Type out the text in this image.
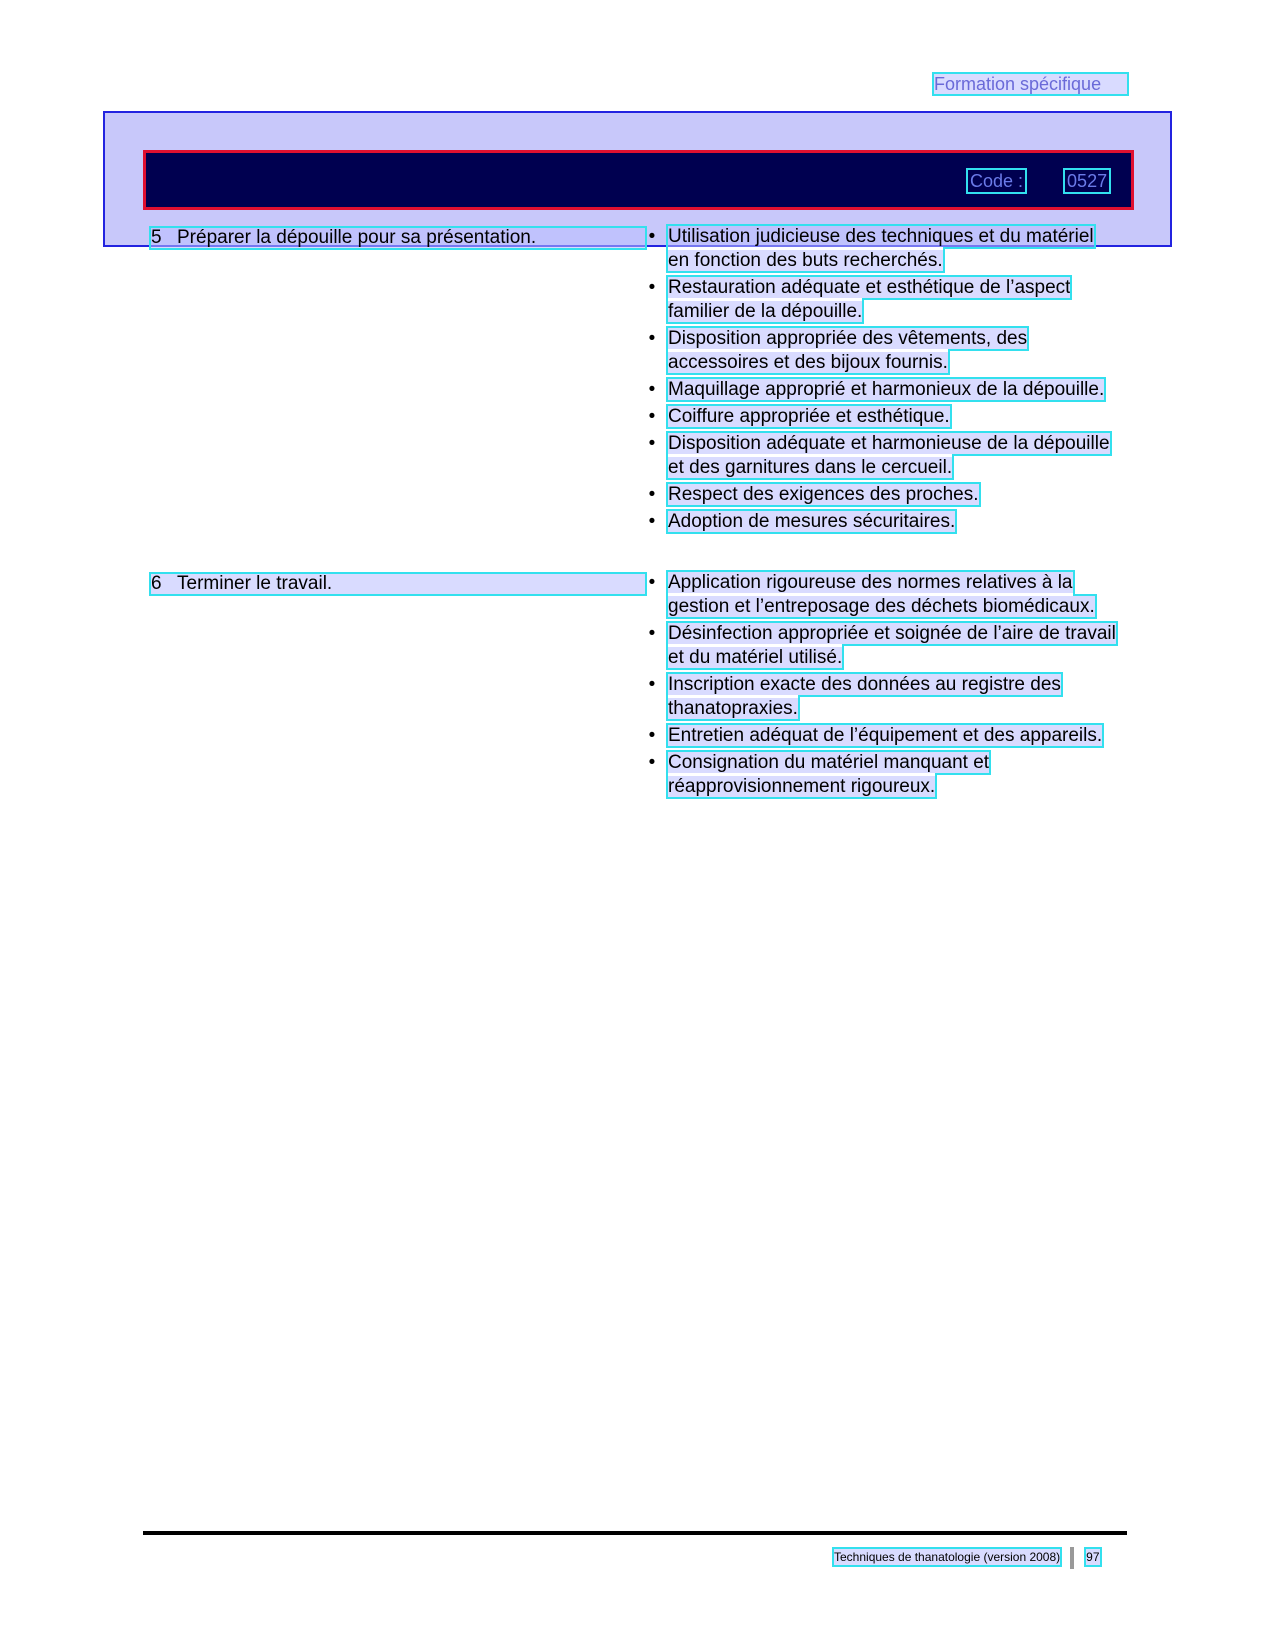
Formation spécifique
Code : 0527
5 Préparer la dépouille pour sa présentation.	• Utilisation judicieuse des techniques et du matériel en fonction des buts recherchés.
• Restauration adéquate et esthétique de l’aspect familier de la dépouille.
• Disposition appropriée des vêtements, des accessoires et des bijoux fournis.
• Maquillage approprié et harmonieux de la dépouille.
• Coiffure appropriée et esthétique.
• Disposition adéquate et harmonieuse de la dépouille et des garnitures dans le cercueil.
• Respect des exigences des proches.
• Adoption de mesures sécuritaires.
6 Terminer le travail.	• Application rigoureuse des normes relatives à la gestion et l’entreposage des déchets biomédicaux.
• Désinfection appropriée et soignée de l’aire de travail et du matériel utilisé.
• Inscription exacte des données au registre des thanatopraxies.
• Entretien adéquat de l’équipement et des appareils.
• Consignation du matériel manquant et réapprovisionnement rigoureux.
Techniques de thanatologie (version 2008) 97
